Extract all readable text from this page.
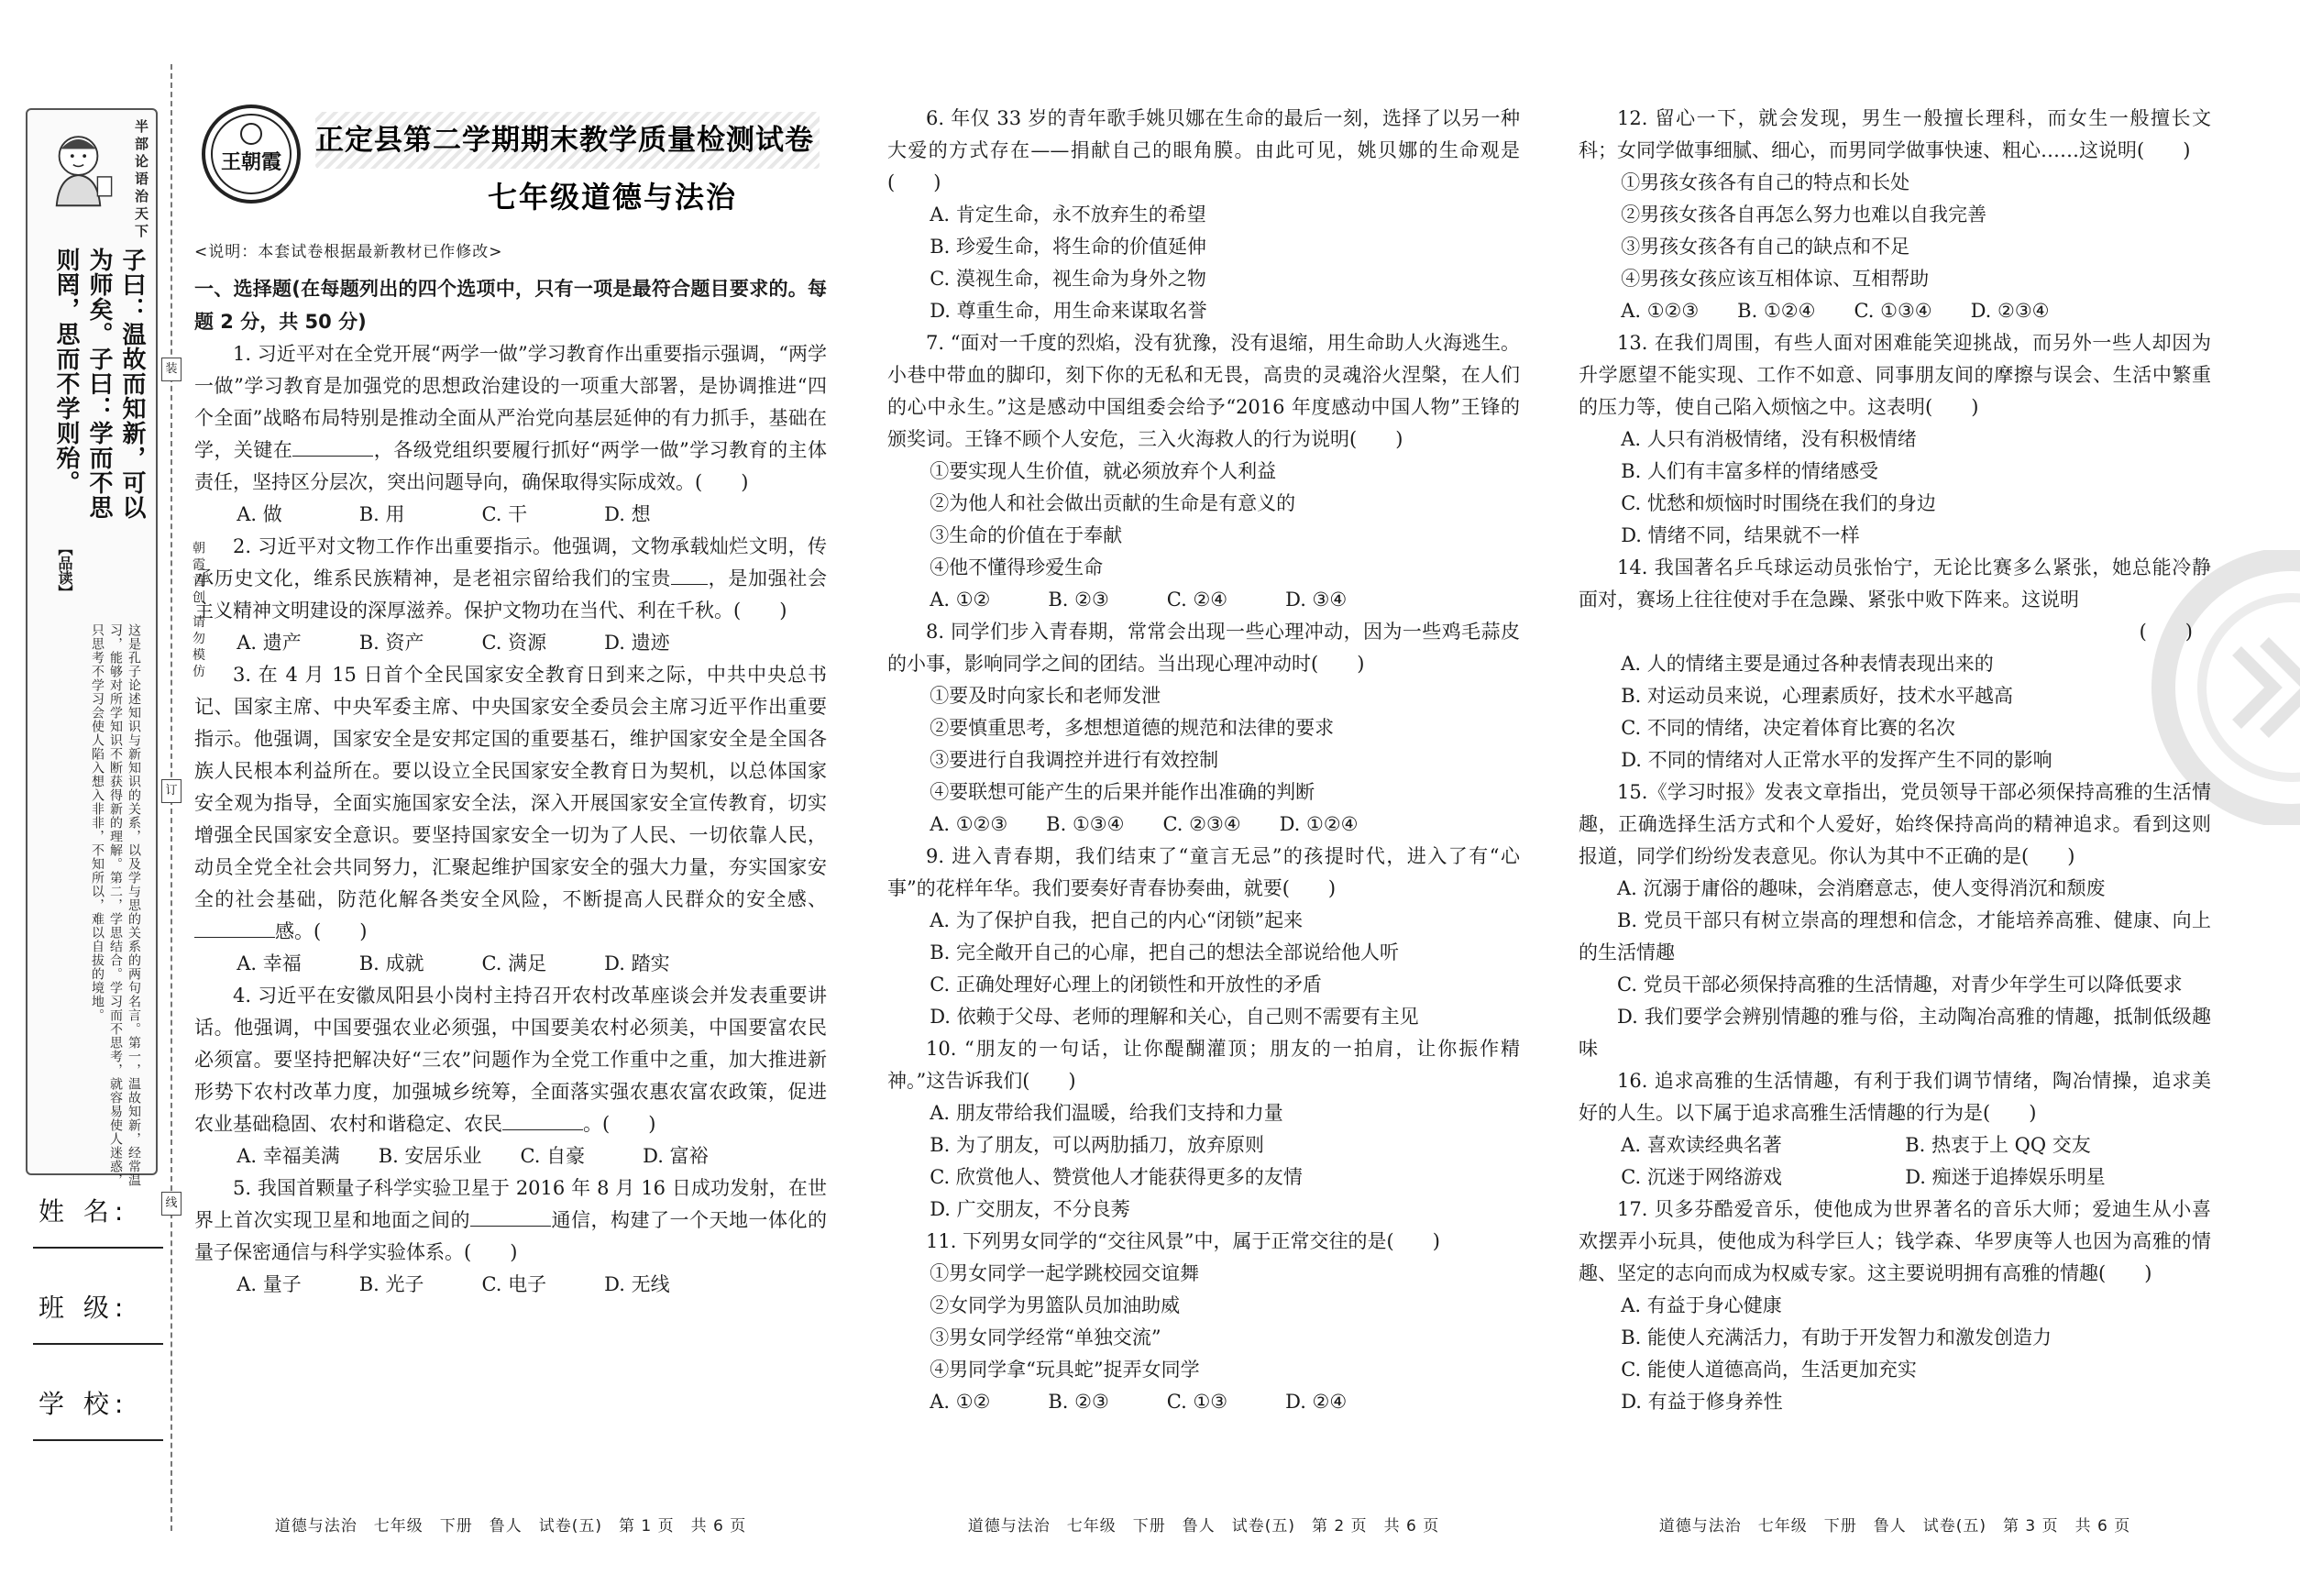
半部论语治天下
子曰：温故而知新，可以为师矣。子曰：学而不思则罔，思而不学则殆。
【品读】
这是孔子论述知识与新知识的关系，以及学与思的关系的两句名言。第一，温故知新，经常温习，能够对所学知识不断获得新的理解。第二，学思结合。学习而不思考，就容易使人迷惑，只思考不学习会使人陷入想入非非，不知所以，难以自拔的境地。
姓 名:
班 级:
学 校:
装
订
线
朝霞首创 请勿模仿
王朝霞
正定县第二学期期末教学质量检测试卷
七年级道德与法治

<说明：本套试卷根据最新教材已作修改>

一、选择题(在每题列出的四个选项中，只有一项是最符合题目要求的。每题 2 分，共 50 分)

1. 习近平对在全党开展“两学一做”学习教育作出重要指示强调，“两学一做”学习教育是加强党的思想政治建设的一项重大部署，是协调推进“四个全面”战略布局特别是推动全面从严治党向基层延伸的有力抓手，基础在学，关键在	，各级党组织要履行抓好“两学一做”学习教育的主体责任，坚持区分层次，突出问题导向，确保取得实际成效。(　　)

A. 做　　　　B. 用　　　　C. 干　　　　D. 想

2. 习近平对文物工作作出重要指示。他强调，文物承载灿烂文明，传承历史文化，维系民族精神，是老祖宗留给我们的宝贵 ，是加强社会主义精神文明建设的深厚滋养。保护文物功在当代、利在千秋。(　　)

A. 遗产　　　B. 资产　　　C. 资源　　　D. 遗迹

3. 在 4 月 15 日首个全民国家安全教育日到来之际，中共中央总书记、国家主席、中央军委主席、中央国家安全委员会主席习近平作出重要指示。他强调，国家安全是安邦定国的重要基石，维护国家安全是全国各族人民根本利益所在。要以设立全民国家安全教育日为契机，以总体国家安全观为指导，全面实施国家安全法，深入开展国家安全宣传教育，切实增强全民国家安全意识。要坚持国家安全一切为了人民、一切依靠人民，动员全党全社会共同努力，汇聚起维护国家安全的强大力量，夯实国家安全的社会基础，防范化解各类安全风险，不断提高人民群众的安全感、感。(　　)

A. 幸福　　　B. 成就　　　C. 满足　　　D. 踏实

4. 习近平在安徽凤阳县小岗村主持召开农村改革座谈会并发表重要讲话。他强调，中国要强农业必须强，中国要美农村必须美，中国要富农民必须富。要坚持把解决好“三农”问题作为全党工作重中之重，加大推进新形势下农村改革力度，加强城乡统筹，全面落实强农惠农富农政策，促进农业基础稳固、农村和谐稳定、农民	。(　　)

A. 幸福美满　　B. 安居乐业　　C. 自豪　　　D. 富裕

5. 我国首颗量子科学实验卫星于 2016 年 8 月 16 日成功发射，在世界上首次实现卫星和地面之间的	通信，构建了一个天地一体化的量子保密通信与科学实验体系。(　　)

A. 量子　　　B. 光子　　　C. 电子　　　D. 无线

道德与法治　七年级　下册　鲁人　试卷(五)　第 1 页　共 6 页

6. 年仅 33 岁的青年歌手姚贝娜在生命的最后一刻，选择了以另一种大爱的方式存在——捐献自己的眼角膜。由此可见，姚贝娜的生命观是(　　)

A. 肯定生命，永不放弃生的希望

B. 珍爱生命，将生命的价值延伸

C. 漠视生命，视生命为身外之物

D. 尊重生命，用生命来谋取名誉

7. “面对一千度的烈焰，没有犹豫，没有退缩，用生命助人火海逃生。小巷中带血的脚印，刻下你的无私和无畏，高贵的灵魂浴火涅槃，在人们的心中永生。”这是感动中国组委会给予“2016 年度感动中国人物”王锋的颁奖词。王锋不顾个人安危，三入火海救人的行为说明(　　)

①要实现人生价值，就必须放弃个人利益

②为他人和社会做出贡献的生命是有意义的

③生命的价值在于奉献

④他不懂得珍爱生命

A. ①②　　　B. ②③　　　C. ②④　　　D. ③④

8. 同学们步入青春期，常常会出现一些心理冲动，因为一些鸡毛蒜皮的小事，影响同学之间的团结。当出现心理冲动时(　　)

①要及时向家长和老师发泄

②要慎重思考，多想想道德的规范和法律的要求

③要进行自我调控并进行有效控制

④要联想可能产生的后果并能作出准确的判断

A. ①②③　　B. ①③④　　C. ②③④　　D. ①②④

9. 进入青春期，我们结束了“童言无忌”的孩提时代，进入了有“心事”的花样年华。我们要奏好青春协奏曲，就要(　　)

A. 为了保护自我，把自己的内心“闭锁”起来

B. 完全敞开自己的心扉，把自己的想法全部说给他人听

C. 正确处理好心理上的闭锁性和开放性的矛盾

D. 依赖于父母、老师的理解和关心，自己则不需要有主见

10. “朋友的一句话，让你醍醐灌顶；朋友的一拍肩，让你振作精神。”这告诉我们(　　)

A. 朋友带给我们温暖，给我们支持和力量

B. 为了朋友，可以两肋插刀，放弃原则

C. 欣赏他人、赞赏他人才能获得更多的友情

D. 广交朋友，不分良莠

11. 下列男女同学的“交往风景”中，属于正常交往的是(　　)

①男女同学一起学跳校园交谊舞

②女同学为男篮队员加油助威

③男女同学经常“单独交流”

④男同学拿“玩具蛇”捉弄女同学

A. ①②　　　B. ②③　　　C. ①③　　　D. ②④

道德与法治　七年级　下册　鲁人　试卷(五)　第 2 页　共 6 页

12. 留心一下，就会发现，男生一般擅长理科，而女生一般擅长文科；女同学做事细腻、细心，而男同学做事快速、粗心……这说明(　　)

①男孩女孩各有自己的特点和长处

②男孩女孩各自再怎么努力也难以自我完善

③男孩女孩各有自己的缺点和不足

④男孩女孩应该互相体谅、互相帮助

A. ①②③　　B. ①②④　　C. ①③④　　D. ②③④

13. 在我们周围，有些人面对困难能笑迎挑战，而另外一些人却因为升学愿望不能实现、工作不如意、同事朋友间的摩擦与误会、生活中繁重的压力等，使自己陷入烦恼之中。这表明(　　)

A. 人只有消极情绪，没有积极情绪

B. 人们有丰富多样的情绪感受

C. 忧愁和烦恼时时围绕在我们的身边

D. 情绪不同，结果就不一样

14. 我国著名乒乓球运动员张怡宁，无论比赛多么紧张，她总能冷静面对，赛场上往往使对手在急躁、紧张中败下阵来。这说明

(　　)

A. 人的情绪主要是通过各种表情表现出来的

B. 对运动员来说，心理素质好，技术水平越高

C. 不同的情绪，决定着体育比赛的名次

D. 不同的情绪对人正常水平的发挥产生不同的影响

15.《学习时报》发表文章指出，党员领导干部必须保持高雅的生活情趣，正确选择生活方式和个人爱好，始终保持高尚的精神追求。看到这则报道，同学们纷纷发表意见。你认为其中不正确的是(　　)

A. 沉溺于庸俗的趣味，会消磨意志，使人变得消沉和颓废

B. 党员干部只有树立崇高的理想和信念，才能培养高雅、健康、向上的生活情趣

C. 党员干部必须保持高雅的生活情趣，对青少年学生可以降低要求

D. 我们要学会辨别情趣的雅与俗，主动陶冶高雅的情趣，抵制低级趣味

16. 追求高雅的生活情趣，有利于我们调节情绪，陶冶情操，追求美好的人生。以下属于追求高雅生活情趣的行为是(　　)

A. 喜欢读经典名著	B. 热衷于上 QQ 交友

C. 沉迷于网络游戏	D. 痴迷于追捧娱乐明星

17. 贝多芬酷爱音乐，使他成为世界著名的音乐大师；爱迪生从小喜欢摆弄小玩具，使他成为科学巨人；钱学森、华罗庚等人也因为高雅的情趣、坚定的志向而成为权威专家。这主要说明拥有高雅的情趣(　　)

A. 有益于身心健康

B. 能使人充满活力，有助于开发智力和激发创造力

C. 能使人道德高尚，生活更加充实

D. 有益于修身养性

道德与法治　七年级　下册　鲁人　试卷(五)　第 3 页　共 6 页
